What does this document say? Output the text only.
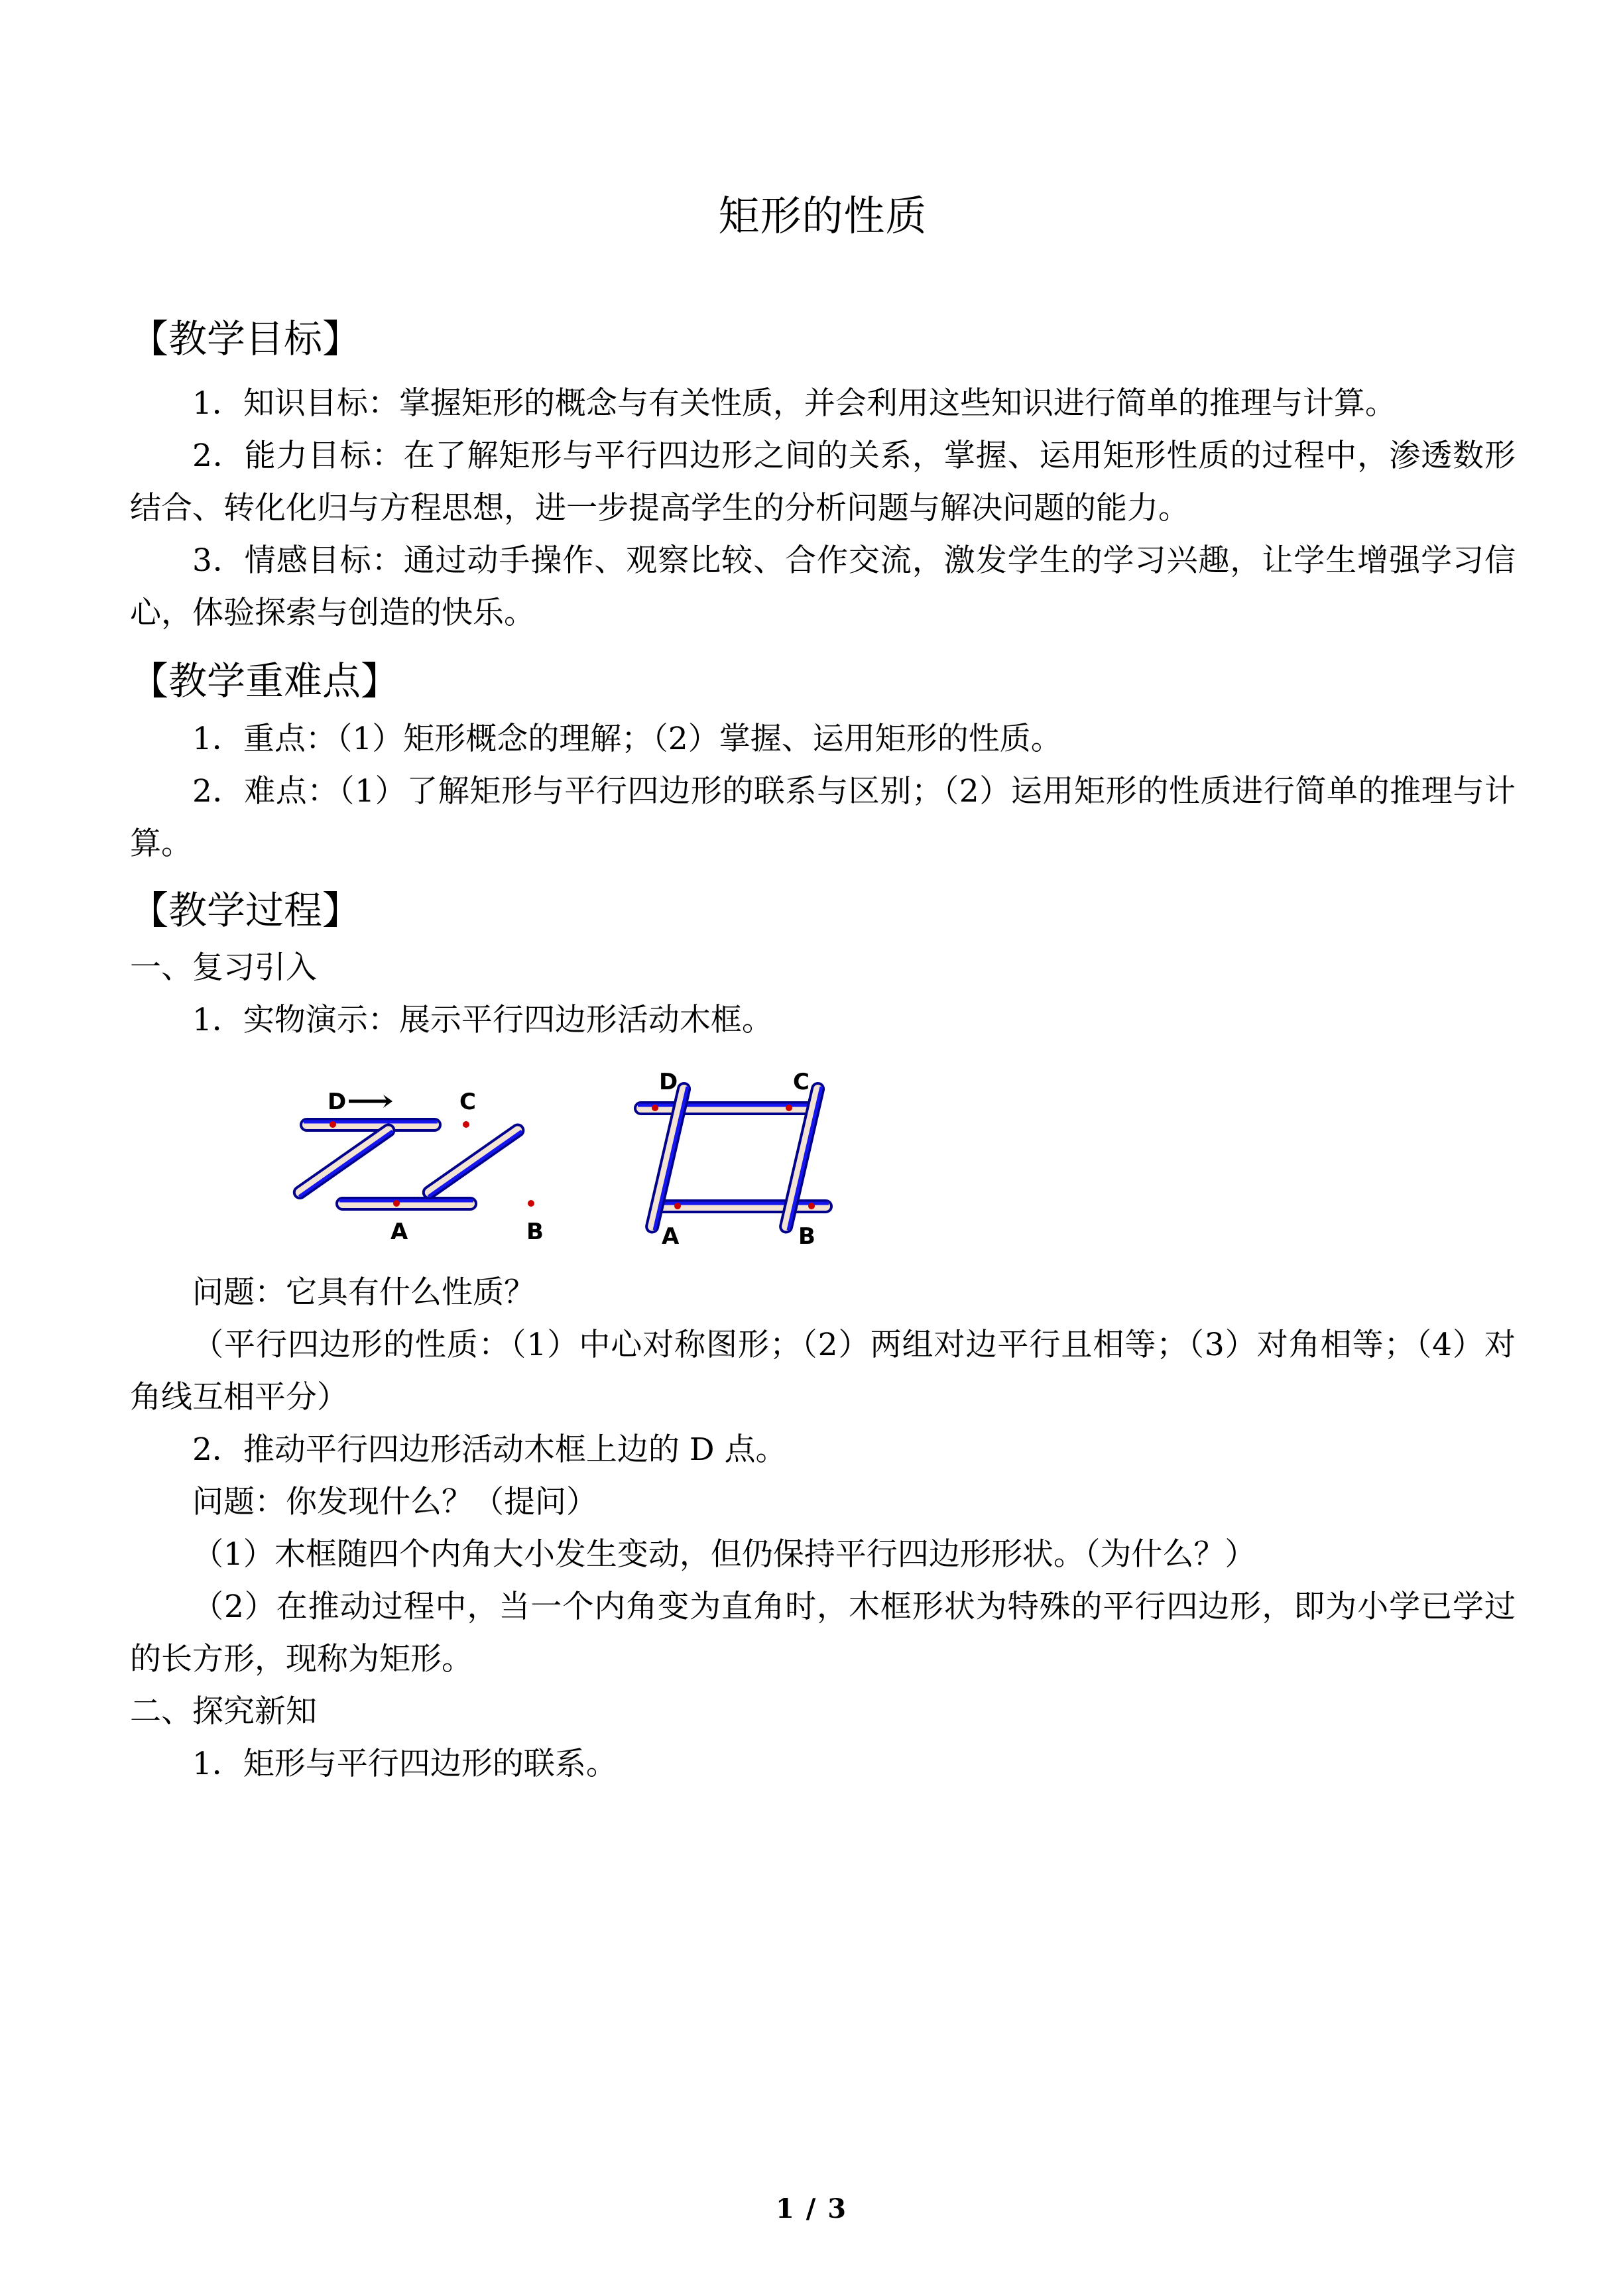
矩形的性质
【教学目标】

1．知识目标：掌握矩形的概念与有关性质，并会利用这些知识进行简单的推理与计算。

2．能力目标：在了解矩形与平行四边形之间的关系，掌握、运用矩形性质的过程中，渗透数形结合、转化化归与方程思想，进一步提高学生的分析问题与解决问题的能力。

3．情感目标：通过动手操作、观察比较、合作交流，激发学生的学习兴趣，让学生增强学习信心，体验探索与创造的快乐。

【教学重难点】

1．重点：（1）矩形概念的理解；（2）掌握、运用矩形的性质。

2．难点：（1）了解矩形与平行四边形的联系与区别；（2）运用矩形的性质进行简单的推理与计算。

【教学过程】

一、复习引入

1．实物演示：展示平行四边形活动木框。

D	C
A	B
D	C
A	B

问题：它具有什么性质？

（平行四边形的性质：（1）中心对称图形；（2）两组对边平行且相等；（3）对角相等；（4）对角线互相平分）

2．推动平行四边形活动木框上边的 D 点。

问题：你发现什么？（提问）

（1）木框随四个内角大小发生变动，但仍保持平行四边形形状。（为什么？）

（2）在推动过程中，当一个内角变为直角时，木框形状为特殊的平行四边形，即为小学已学过的长方形，现称为矩形。

二、探究新知

1．矩形与平行四边形的联系。

1 / 3
